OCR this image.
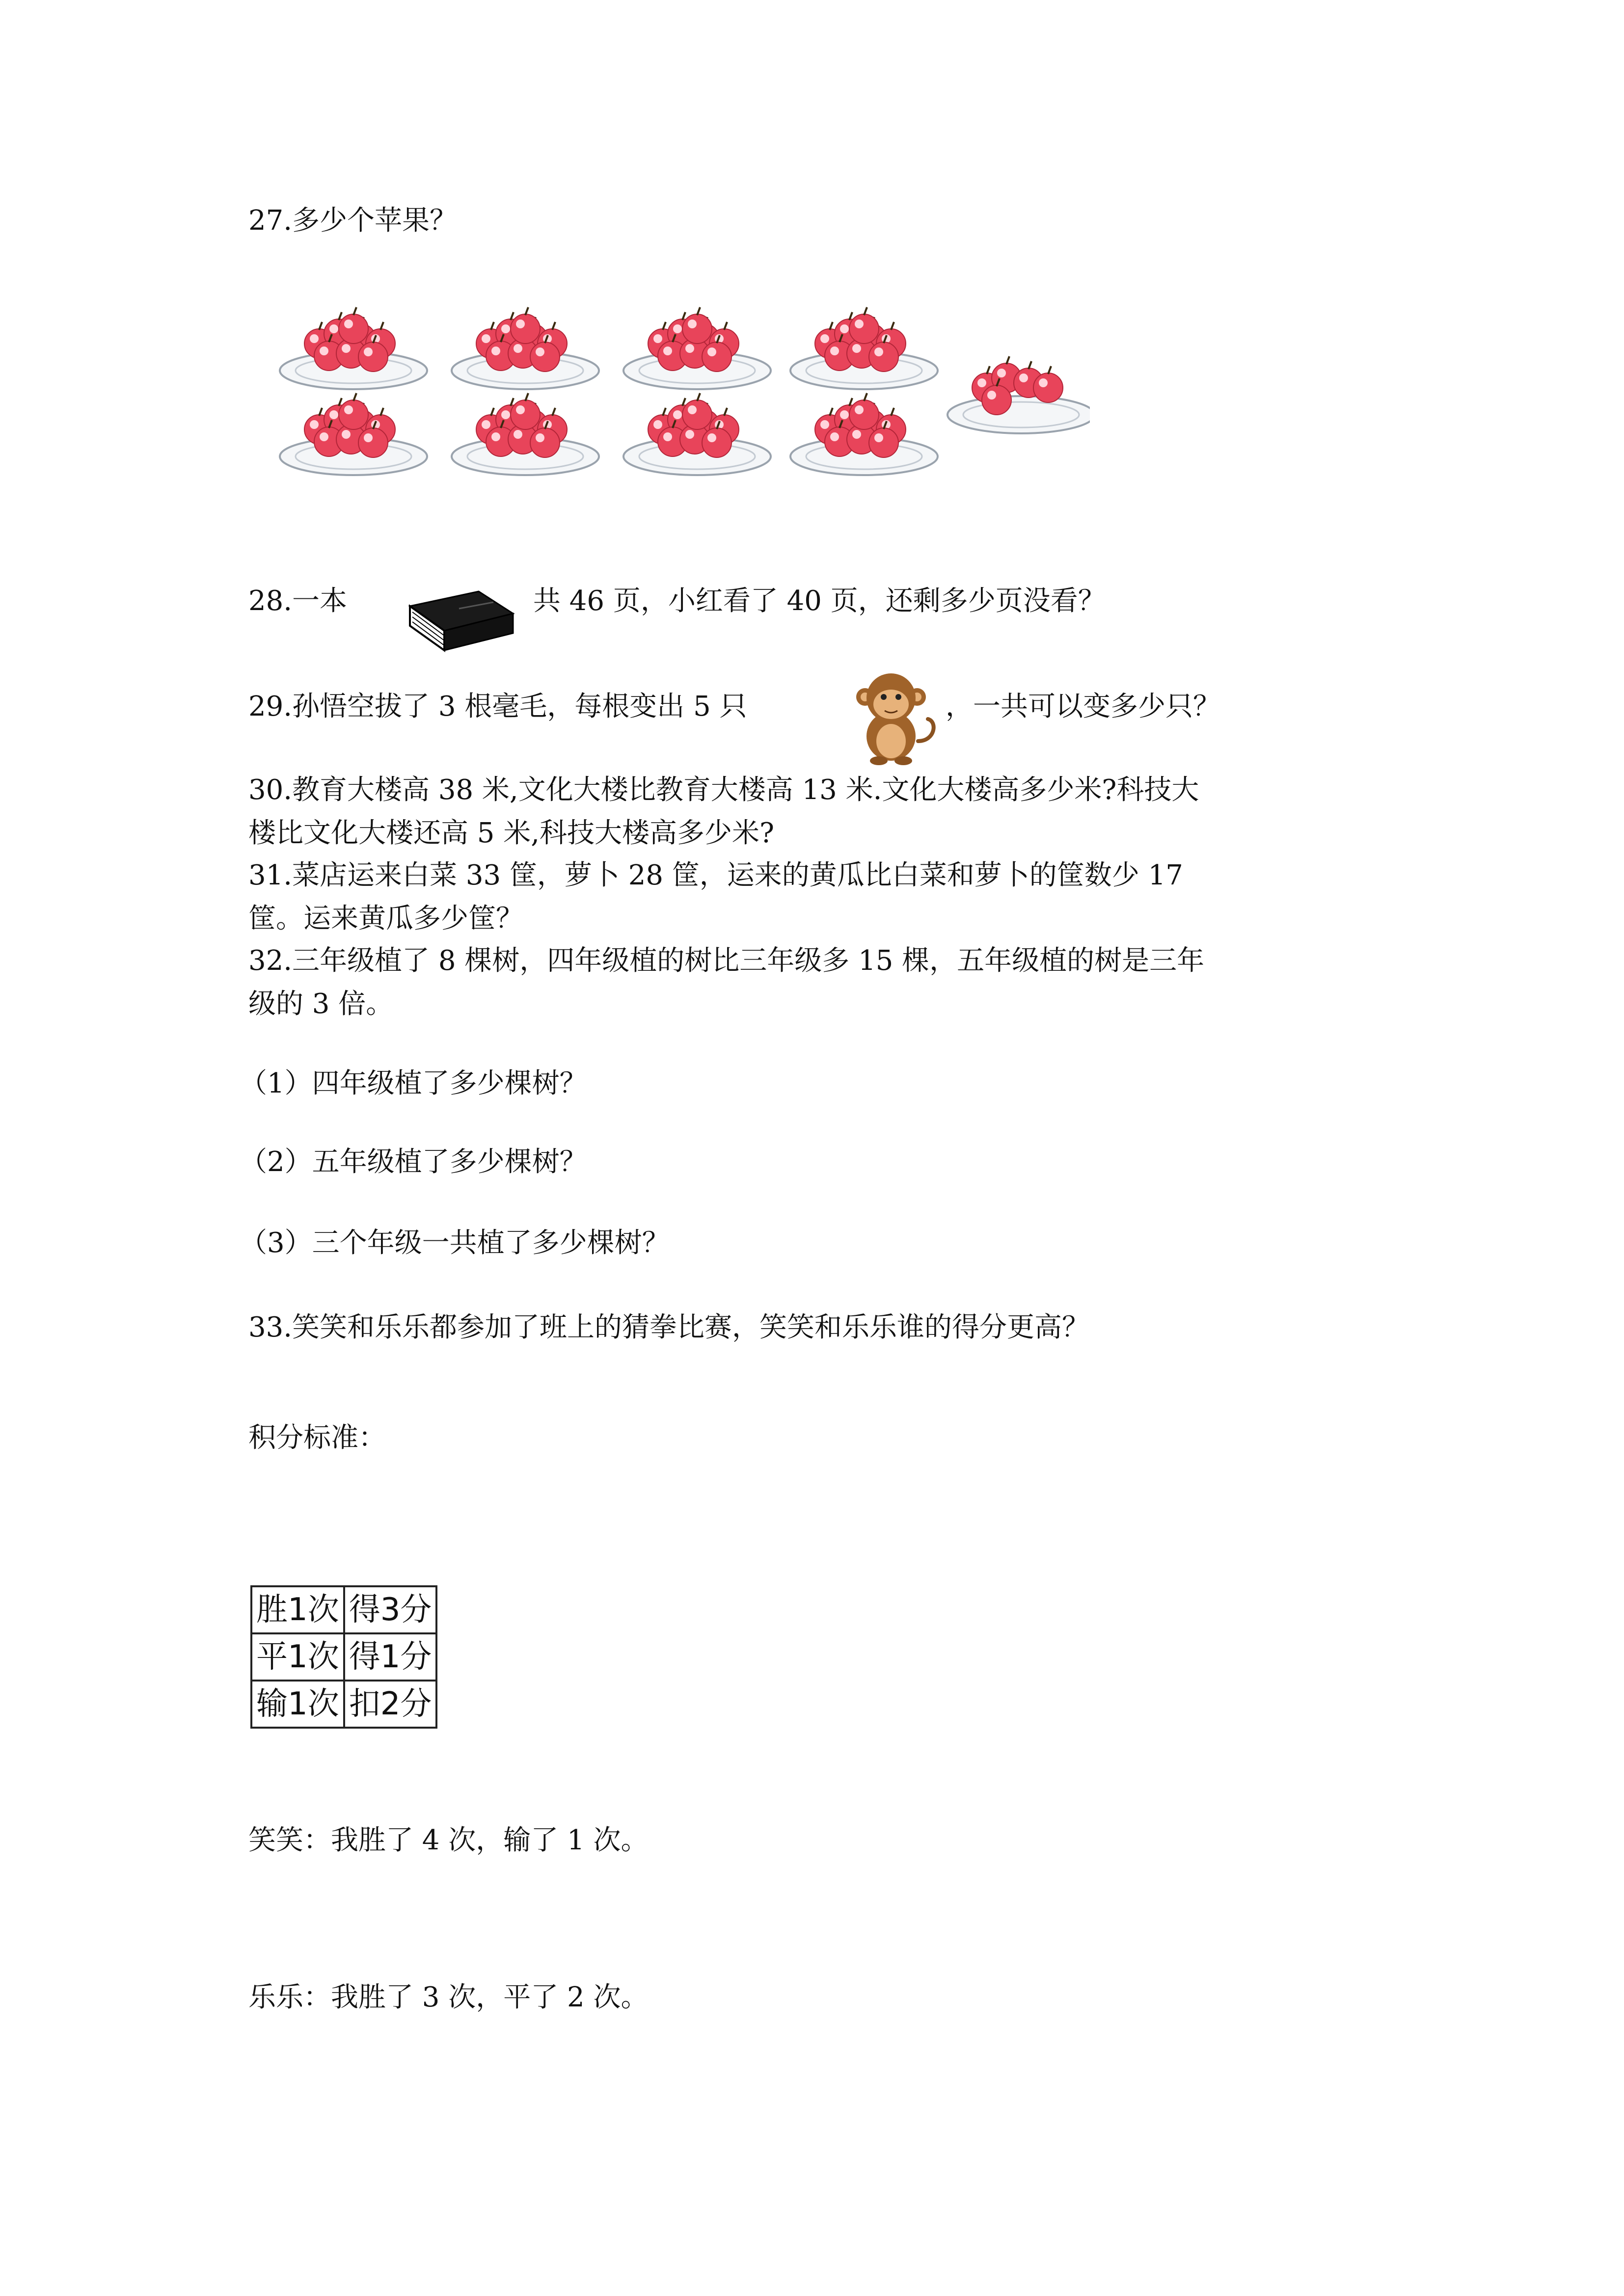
27.多少个苹果？

28.一本	共 46 页，小红看了 40 页，还剩多少页没看？
29.孙悟空拔了 3 根毫毛，每根变出 5 只	，一共可以变多少只？

30.教育大楼高 38 米,文化大楼比教育大楼高 13 米.文化大楼高多少米?科技大
楼比文化大楼还高 5 米,科技大楼高多少米?

31.菜店运来白菜 33 筐，萝卜 28 筐，运来的黄瓜比白菜和萝卜的筐数少 17
筐。运来黄瓜多少筐？

32.三年级植了 8 棵树，四年级植的树比三年级多 15 棵，五年级植的树是三年
级的 3 倍。

（1）四年级植了多少棵树？

（2）五年级植了多少棵树？

（3）三个年级一共植了多少棵树？

33.笑笑和乐乐都参加了班上的猜拳比赛，笑笑和乐乐谁的得分更高？

积分标准：

胜1次	得3分
平1次	得1分
输1次	扣2分

笑笑：我胜了 4 次，输了 1 次。

乐乐：我胜了 3 次，平了 2 次。
